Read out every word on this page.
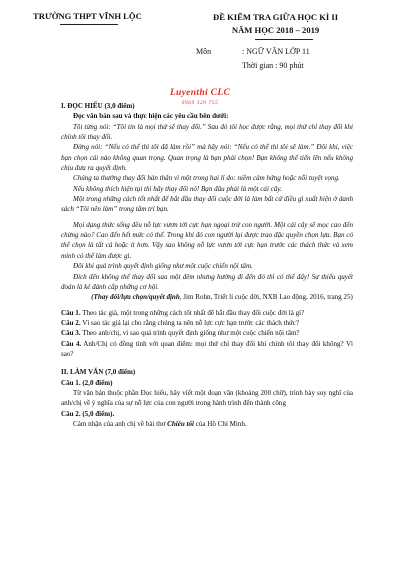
TRƯỜNG THPT VĨNH LỘC	ĐỀ KIỂM TRA GIỮA HỌC KÌ II
NĂM HỌC 2018 – 2019
Môn	: NGỮ VĂN LỚP 11
Thời gian : 90 phút
Luyenthi CLC
0969 320 755

I. ĐỌC HIỂU (3,0 điểm)

Đọc văn bản sau và thực hiện các yêu cầu bên dưới:

Tôi từng nói: “Tôi tin là mọi thứ sẽ thay đổi.” Sau đó tôi học được rằng, mọi thứ chỉ thay đổi khi chính tôi thay đổi.

Đừng nói: “Nếu có thể thì tôi đã làm rồi” mà hãy nói: “Nếu có thể thì tôi sẽ làm.” Đôi khi, việc bạn chọn cái nào không quan trọng. Quan trọng là bạn phải chọn! Bạn không thể tiến lên nếu không chịu đưa ra quyết định.

Chúng ta thường thay đổi bản thân vì một trong hai lí do: niềm cảm hứng hoặc nỗi tuyệt vọng.

Nếu không thích hiện tại thì hãy thay đổi nó! Bạn đâu phải là một cái cây.

Một trong những cách tốt nhất để bắt đầu thay đổi cuộc đời là làm bất cứ điều gì xuất hiện ở danh sách “Tôi nên làm” trong tâm trí bạn.

Mọi dạng thức sống đều nỗ lực vươn tới cực hạn ngoại trừ con người. Một cái cây sẽ mọc cao đến chừng nào? Cao đến hết mức có thể. Trong khi đó con người lại được trao đặc quyền chọn lựa. Bạn có thể chọn là tất cả hoặc ít hơn. Vậy sao không nỗ lực vươn tới cực hạn trước các thách thức và xem mình có thể làm được gì.

Đôi khi quá trình quyết định giống như một cuộc chiến nội tâm.

Đích đến không thể thay đổi sau một đêm nhưng hướng đi đến đó thì có thể đấy! Sự thiếu quyết đoán là kẻ đánh cắp những cơ hội.

(Thay đổi/lựa chọn/quyết định, Jim Rohn, Triết lí cuộc đời, NXB Lao động, 2016, trang 25)

Câu 1. Theo tác giả, một trong những cách tốt nhất để bắt đầu thay đổi cuộc đời là gì?

Câu 2. Vì sao tác giả lại cho rằng chúng ta nên nỗ lực cực hạn trước các thách thức?

Câu 3. Theo anh/chị, vì sao quá trình quyết định giống như một cuộc chiến nội tâm?

Câu 4. Anh/Chị có đồng tình với quan điểm: mọi thứ chỉ thay đổi khi chính tôi thay đổi không? Vì sao?

II. LÀM VĂN (7,0 điểm)

Câu 1. (2,0 điểm)

Từ văn bản thuộc phần Đọc hiểu, hãy viết một đoạn văn (khoảng 200 chữ), trình bày suy nghĩ của anh/chị về ý nghĩa của sự nỗ lực của con người trong hành trình đến thành công

Câu 2. (5,0 điểm).

Cảm nhận của anh chị về bài thơ Chiều tối của Hồ Chí Minh.
